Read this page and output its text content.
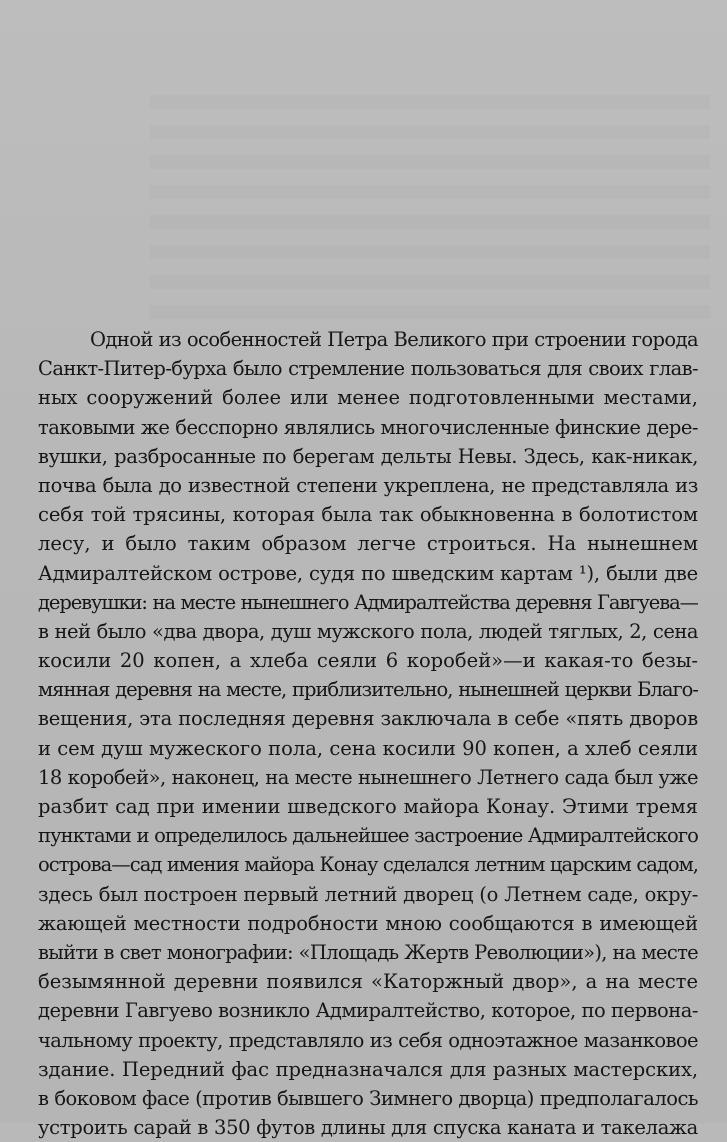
Одной из особенностей Петра Великого при строении города
Санкт-Питер-бурха было стремление пользоваться для своих глав-
ных сооружений более или менее подготовленными местами,
таковыми же бесспорно являлись многочисленные финские дере-
вушки, разбросанные по берегам дельты Невы. Здесь, как-никак,
почва была до известной степени укреплена, не представляла из
себя той трясины, которая была так обыкновенна в болотистом
лесу, и было таким образом легче строиться. На нынешнем
Адмиралтейском острове, судя по шведским картам ¹), были две
деревушки: на месте нынешнего Адмиралтейства деревня Гавгуева—
в ней было «два двора, душ мужского пола, людей тяглых, 2, сена
косили 20 копен, а хлеба сеяли 6 коробей»—и какая-то безы-
мянная деревня на месте, приблизительно, нынешней церкви Благо-
вещения, эта последняя деревня заключала в себе «пять дворов
и сем душ мужеского пола, сена косили 90 копен, а хлеб сеяли
18 коробей», наконец, на месте нынешнего Летнего сада был уже
разбит сад при имении шведского майора Конау. Этими тремя
пунктами и определилось дальнейшее застроение Адмиралтейского
острова—сад имения майора Конау сделался летним царским садом,
здесь был построен первый летний дворец (о Летнем саде, окру-
жающей местности подробности мною сообщаются в имеющей
выйти в свет монографии: «Площадь Жертв Революции»), на месте
безымянной деревни появился «Каторжный двор», а на месте
деревни Гавгуево возникло Адмиралтейство, которое, по первона-
чальному проекту, представляло из себя одноэтажное мазанковое
здание. Передний фас предназначался для разных мастерских,
в боковом фасе (против бывшего Зимнего дворца) предполагалось
устроить сарай в 350 футов длины для спуска каната и такелажа
